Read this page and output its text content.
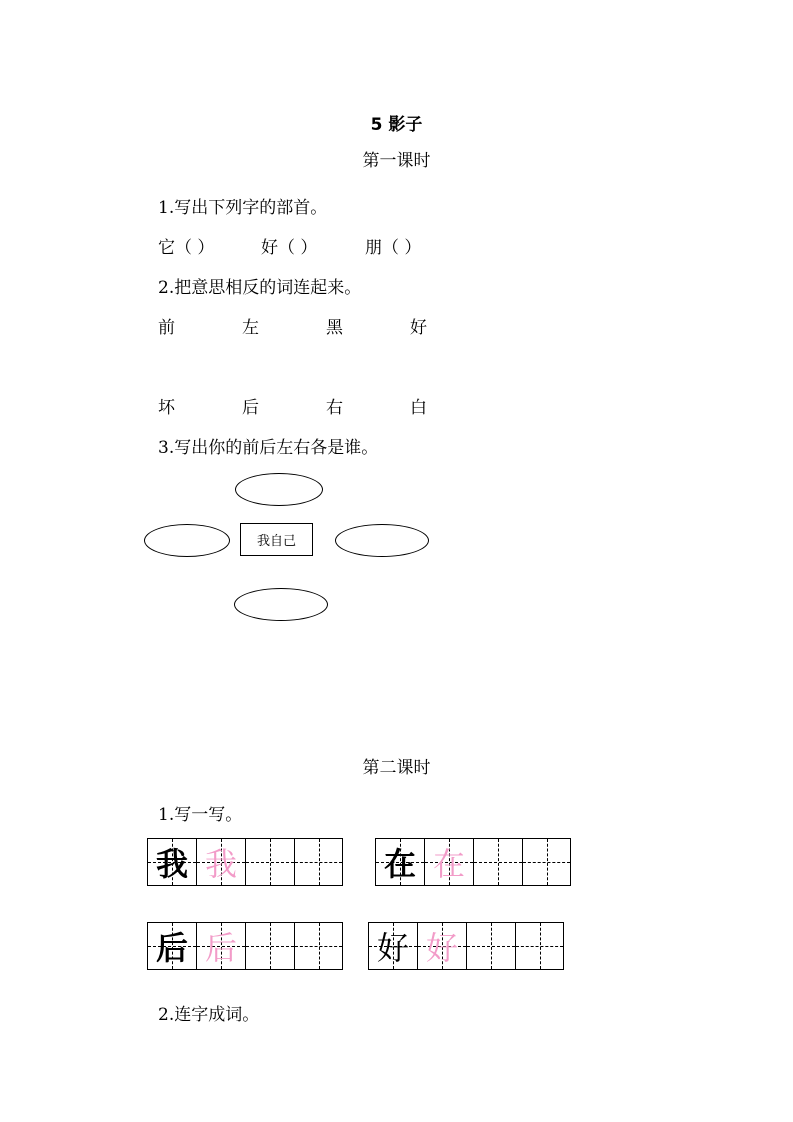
5 影子
第一课时
1.写出下列字的部首。
它（ ）	好（ ）	朋（ ）
2.把意思相反的词连起来。
前	左	黑	好
坏	后	右	白
3.写出你的前后左右各是谁。
我自己
第二课时
1.写一写。
我 我	在 在
后 后	好 好
2.连字成词。
